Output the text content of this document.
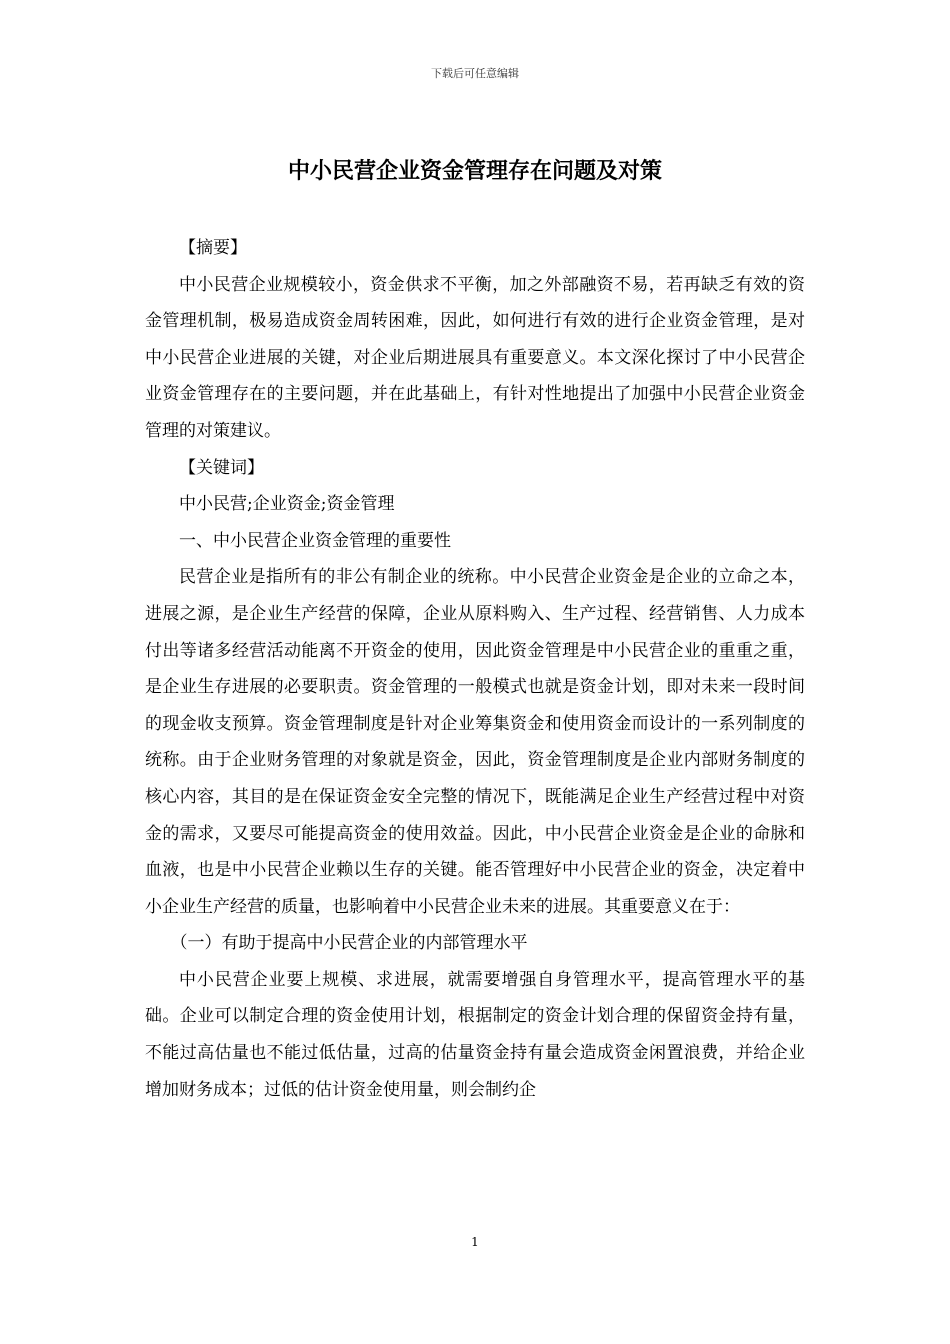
下载后可任意编辑
中小民营企业资金管理存在问题及对策

【摘要】

中小民营企业规模较小，资金供求不平衡，加之外部融资不易，若再缺乏有效的资金管理机制，极易造成资金周转困难，因此，如何进行有效的进行企业资金管理，是对中小民营企业进展的关键，对企业后期进展具有重要意义。本文深化探讨了中小民营企业资金管理存在的主要问题，并在此基础上，有针对性地提出了加强中小民营企业资金管理的对策建议。

【关键词】

中小民营;企业资金;资金管理

一、中小民营企业资金管理的重要性

民营企业是指所有的非公有制企业的统称。中小民营企业资金是企业的立命之本，进展之源，是企业生产经营的保障，企业从原料购入、生产过程、经营销售、人力成本付出等诸多经营活动能离不开资金的使用，因此资金管理是中小民营企业的重重之重，是企业生存进展的必要职责。资金管理的一般模式也就是资金计划，即对未来一段时间的现金收支预算。资金管理制度是针对企业筹集资金和使用资金而设计的一系列制度的统称。由于企业财务管理的对象就是资金，因此，资金管理制度是企业内部财务制度的核心内容，其目的是在保证资金安全完整的情况下，既能满足企业生产经营过程中对资金的需求，又要尽可能提高资金的使用效益。因此，中小民营企业资金是企业的命脉和血液，也是中小民营企业赖以生存的关键。能否管理好中小民营企业的资金，决定着中小企业生产经营的质量，也影响着中小民营企业未来的进展。其重要意义在于：

（一）有助于提高中小民营企业的内部管理水平

中小民营企业要上规模、求进展，就需要增强自身管理水平，提高管理水平的基础。企业可以制定合理的资金使用计划，根据制定的资金计划合理的保留资金持有量，不能过高估量也不能过低估量，过高的估量资金持有量会造成资金闲置浪费，并给企业增加财务成本；过低的估计资金使用量，则会制约企

1
